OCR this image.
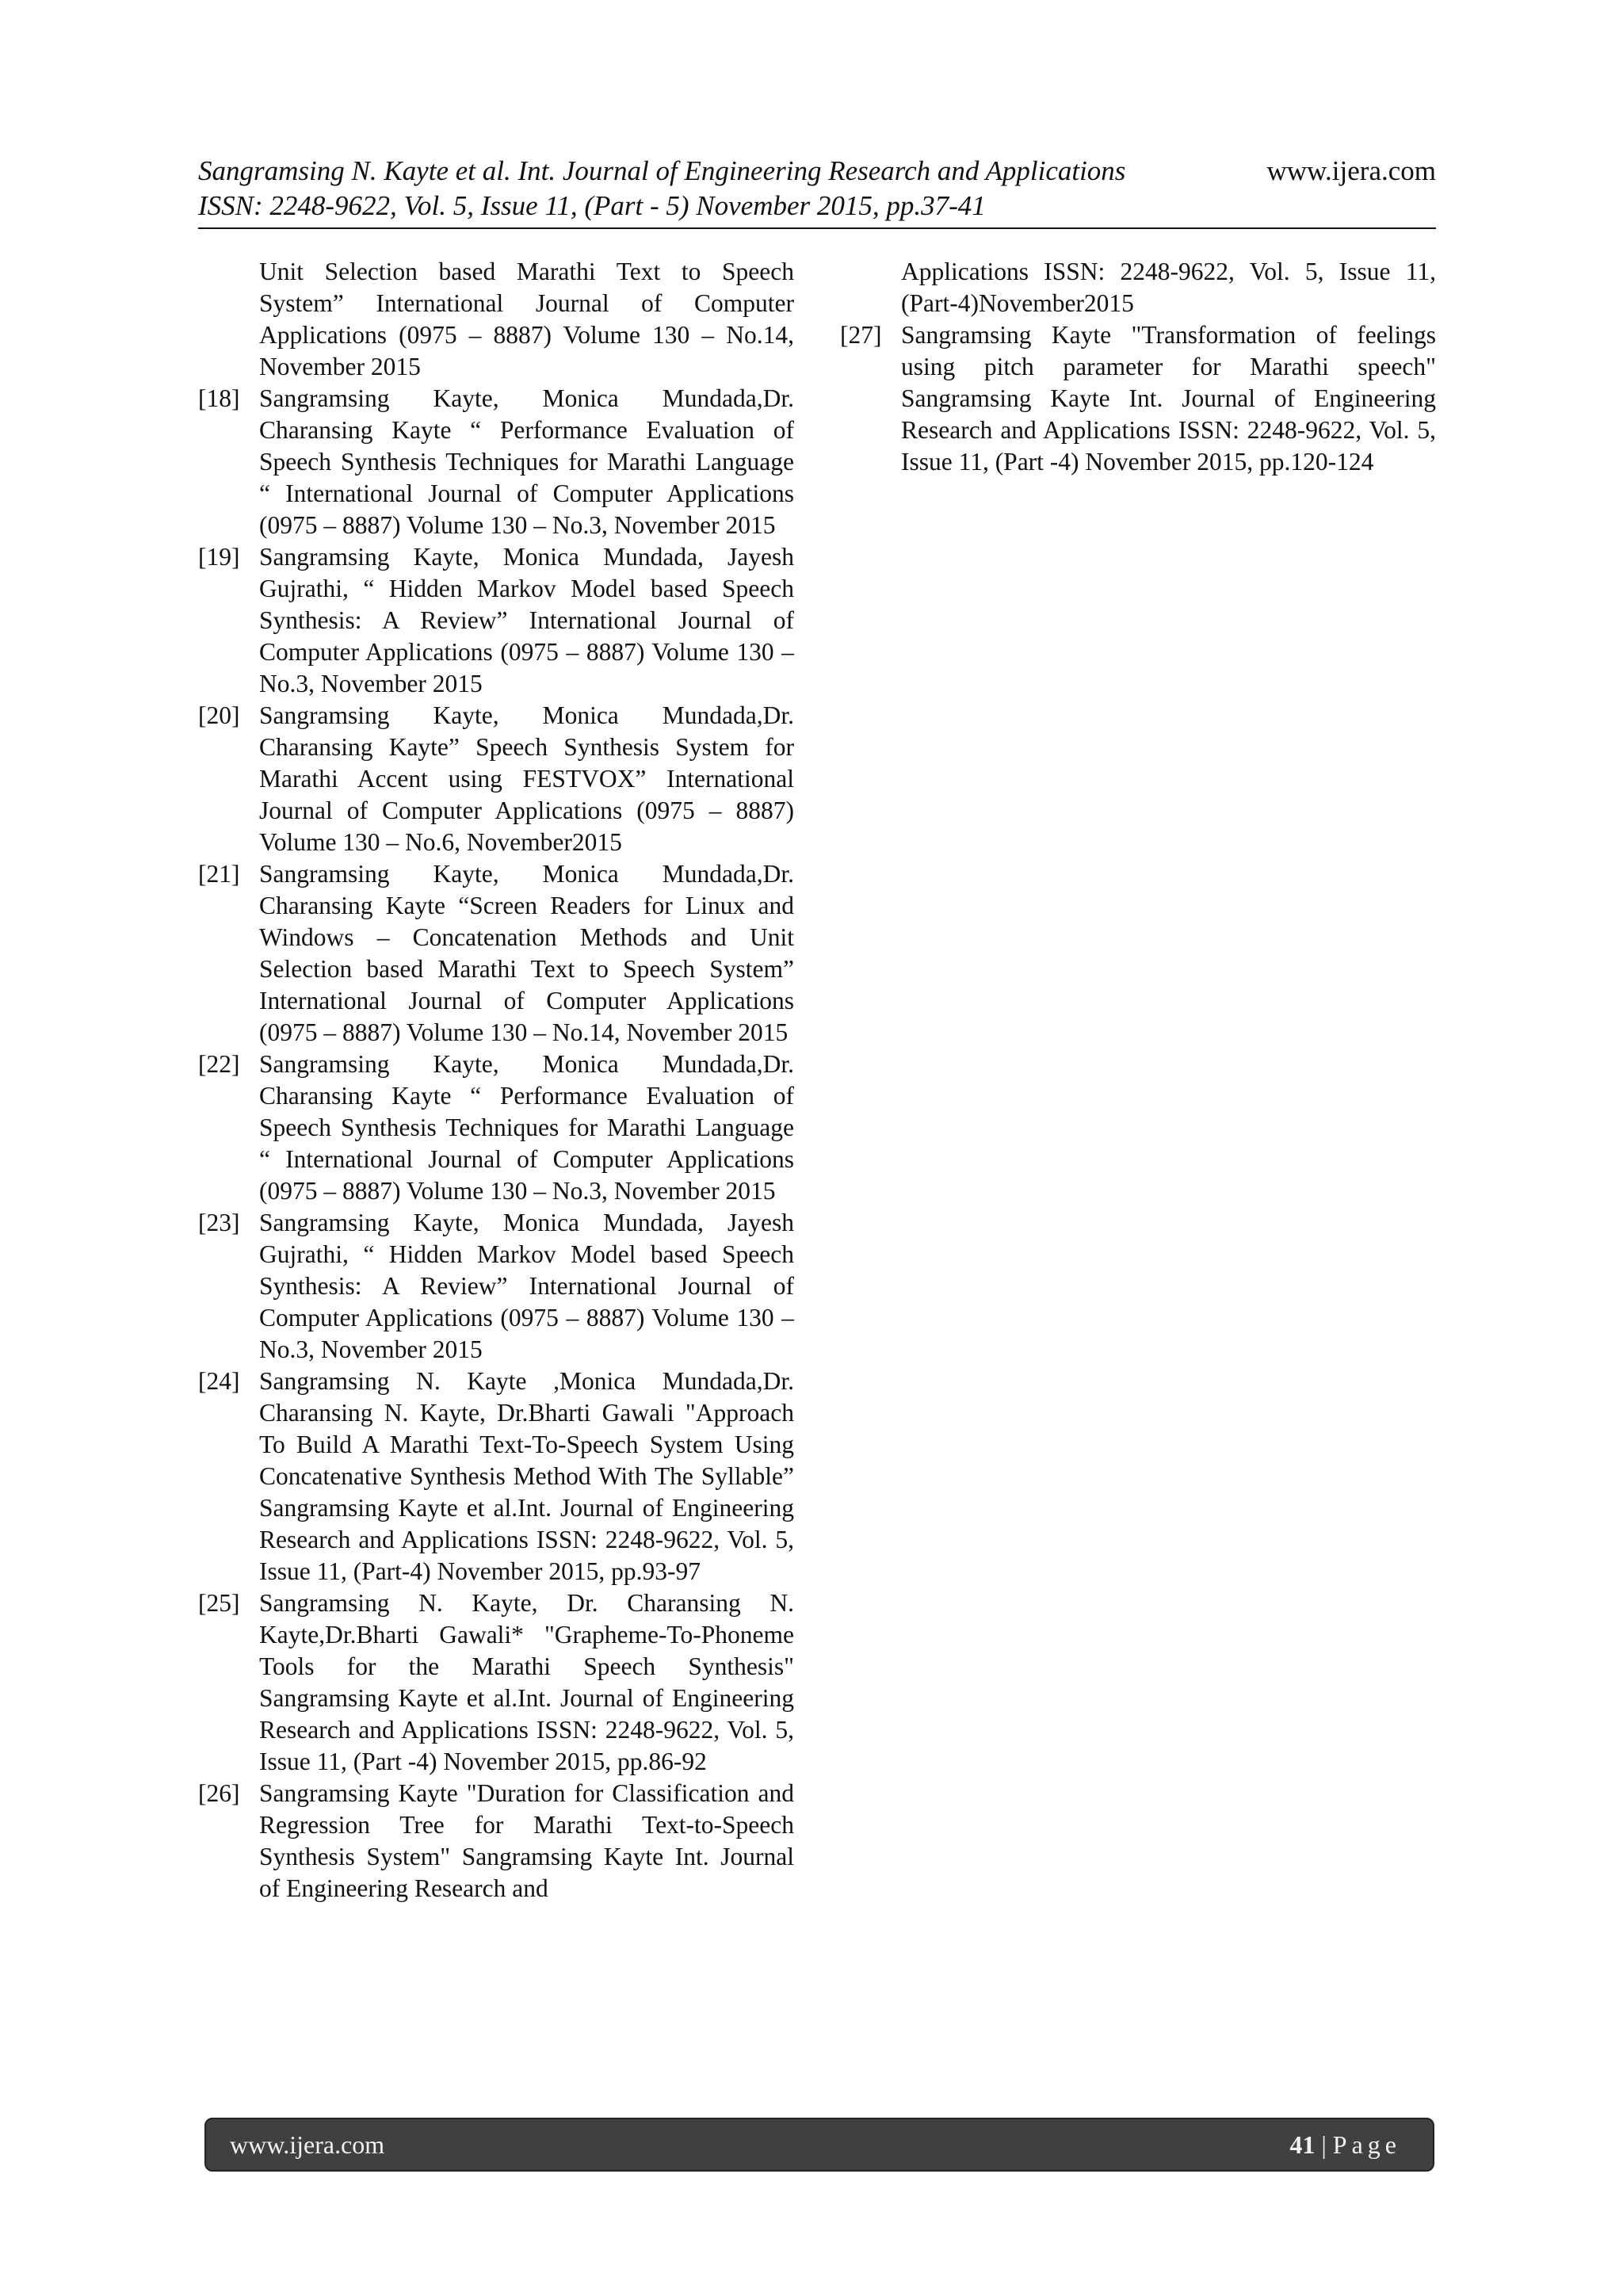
Sangramsing N. Kayte et al. Int. Journal of Engineering Research and Applications	www.ijera.com
ISSN: 2248-9622, Vol. 5, Issue 11, (Part - 5) November 2015, pp.37-41
Unit Selection based Marathi Text to Speech System” International Journal of Computer Applications (0975 – 8887) Volume 130 – No.14, November 2015
[18] Sangramsing Kayte, Monica Mundada,Dr. Charansing Kayte “ Performance Evaluation of Speech Synthesis Techniques for Marathi Language “ International Journal of Computer Applications (0975 – 8887) Volume 130 – No.3, November 2015
[19] Sangramsing Kayte, Monica Mundada, Jayesh Gujrathi, “ Hidden Markov Model based Speech Synthesis: A Review” International Journal of Computer Applications (0975 – 8887) Volume 130 – No.3, November 2015
[20] Sangramsing Kayte, Monica Mundada,Dr. Charansing Kayte” Speech Synthesis System for Marathi Accent using FESTVOX” International Journal of Computer Applications (0975 – 8887) Volume 130 – No.6, November2015
[21] Sangramsing Kayte, Monica Mundada,Dr. Charansing Kayte “Screen Readers for Linux and Windows – Concatenation Methods and Unit Selection based Marathi Text to Speech System” International Journal of Computer Applications (0975 – 8887) Volume 130 – No.14, November 2015
[22] Sangramsing Kayte, Monica Mundada,Dr. Charansing Kayte “ Performance Evaluation of Speech Synthesis Techniques for Marathi Language “ International Journal of Computer Applications (0975 – 8887) Volume 130 – No.3, November 2015
[23] Sangramsing Kayte, Monica Mundada, Jayesh Gujrathi, “ Hidden Markov Model based Speech Synthesis: A Review” International Journal of Computer Applications (0975 – 8887) Volume 130 – No.3, November 2015
[24] Sangramsing N. Kayte ,Monica Mundada,Dr. Charansing N. Kayte, Dr.Bharti Gawali "Approach To Build A Marathi Text-To-Speech System Using Concatenative Synthesis Method With The Syllable” Sangramsing Kayte et al.Int. Journal of Engineering Research and Applications ISSN: 2248-9622, Vol. 5, Issue 11, (Part-4) November 2015, pp.93-97
[25] Sangramsing N. Kayte, Dr. Charansing N. Kayte,Dr.Bharti Gawali* "Grapheme-To-Phoneme Tools for the Marathi Speech Synthesis" Sangramsing Kayte et al.Int. Journal of Engineering Research and Applications ISSN: 2248-9622, Vol. 5, Issue 11, (Part -4) November 2015, pp.86-92
[26] Sangramsing Kayte "Duration for Classification and Regression Tree for Marathi Text-to-Speech Synthesis System" Sangramsing Kayte Int. Journal of Engineering Research and
Applications ISSN: 2248-9622, Vol. 5, Issue 11, (Part-4)November2015
[27] Sangramsing Kayte "Transformation of feelings using pitch parameter for Marathi speech" Sangramsing Kayte Int. Journal of Engineering Research and Applications ISSN: 2248-9622, Vol. 5, Issue 11, (Part -4) November 2015, pp.120-124
www.ijera.com	41 | Page
